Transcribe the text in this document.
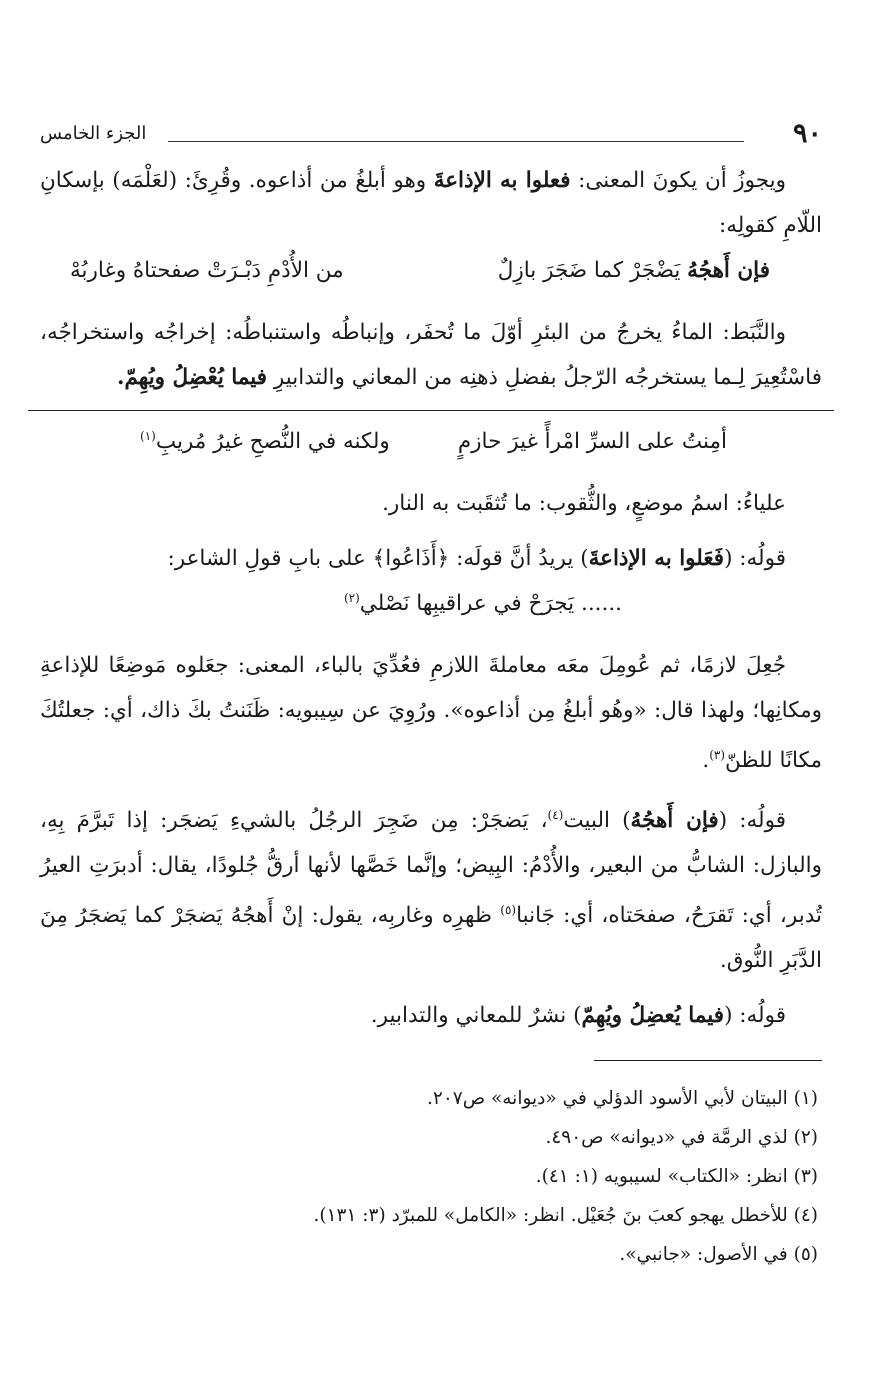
٩٠
الجزء الخامس

ويجوزُ أن يكونَ المعنى: فعلوا به الإذاعةَ وهو أبلغُ من أذاعوه. وقُرِئَ: (لعَلْمَه) بإسكانِ اللّامِ كقولِه:

فإن أَهجُهُ يَضْجَرْ كما ضَجَرَ بازِلٌ
من الأُدْمِ دَبْـرَتْ صفحتاهُ وغاربُهْ

والنَّبَط: الماءُ يخرجُ من البئرِ أوّلَ ما تُحفَر، وإنباطُه واستنباطُه: إخراجُه واستخراجُه، فاسْتُعِيرَ لِـما يستخرجُه الرّجلُ بفضلِ ذهنِه من المعاني والتدابيرِ فيما يُعْضِلُ ويُهِمّ.

أمِنتُ على السرِّ امْرأً غيرَ حازمٍ
ولكنه في النُّصحِ غيرُ مُريبِ$^{(١)}$

علياءُ: اسمُ موضعٍ، والثُّقوب: ما تُثقَبت به النار.

قولُه: (فَعَلوا به الإذاعةَ) يريدُ أنَّ قولَه: ﴿أَذَاعُوا﴾ على بابِ قولِ الشاعر:

...... يَجرَحْ في عراقيبِها نَصْلي$^{(٢)}$

جُعِلَ لازمًا، ثم عُومِلَ معَه معاملةَ اللازمِ فعُدِّيَ بالباء، المعنى: جعَلوه مَوضِعًا للإذاعةِ ومكانِها؛ ولهذا قال: «وهُو أبلغُ مِن أذاعوه». ورُوِيَ عن سِيبويه: ظَنَنتُ بكَ ذاك، أي: جعلتُكَ مكانًا للظنّ$^{(٣)}$.

قولُه: (فإن أَهجُهُ) البيت$^{(٤)}$، يَضجَرْ: مِن ضَجِرَ الرجُلُ بالشيءِ يَضجَر: إذا تَبرَّمَ بِهِ، والبازل: الشابُّ من البعير، والأُدْمُ: البِيض؛ وإنَّما خَصَّها لأنها أرقُّ جُلودًا، يقال: أدبرَتِ العيرُ تُدبر، أي: تَقرَحُ، صفحَتاه، أي: جَانبا$^{(٥)}$ ظهرِه وغاربِه، يقول: إنْ أَهجُهُ يَضجَرْ كما يَضجَرُ مِنَ الدَّبَرِ النُّوق.

قولُه: (فيما يُعضِلُ ويُهِمّ) نشرٌ للمعاني والتدابير.

(١) البيتان لأبي الأسود الدؤلي في «ديوانه» ص٢٠٧.

(٢) لذي الرمَّة في «ديوانه» ص٤٩٠.

(٣) انظر: «الكتاب» لسيبويه (١: ٤١).

(٤) للأخطل يهجو كعبَ بنَ جُعَيْل. انظر: «الكامل» للمبرّد (٣: ١٣١).

(٥) في الأصول: «جانبي».
